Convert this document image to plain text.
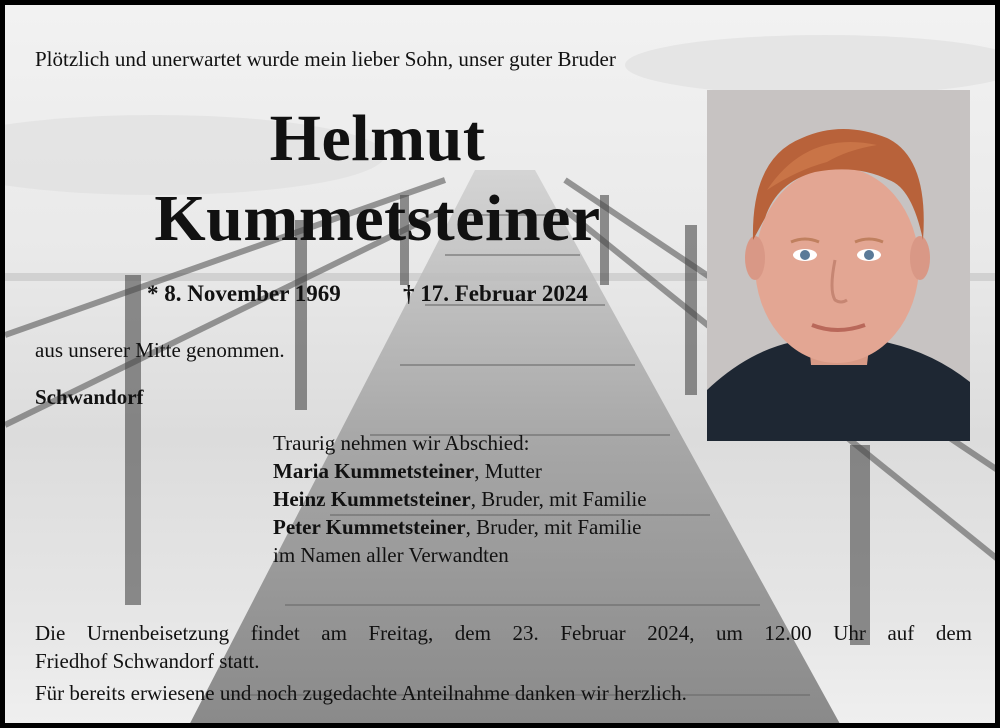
Plötzlich und unerwartet wurde mein lieber Sohn, unser guter Bruder
Helmut
Kummetsteiner
* 8. November 1969	† 17. Februar 2024
aus unserer Mitte genommen.
Schwandorf
Traurig nehmen wir Abschied:
Maria Kummetsteiner, Mutter
Heinz Kummetsteiner, Bruder, mit Familie
Peter Kummetsteiner, Bruder, mit Familie
im Namen aller Verwandten
Die Urnenbeisetzung findet am Freitag, dem 23. Februar 2024, um 12.00 Uhr auf dem
Friedhof Schwandorf statt.
Für bereits erwiesene und noch zugedachte Anteilnahme danken wir herzlich.
